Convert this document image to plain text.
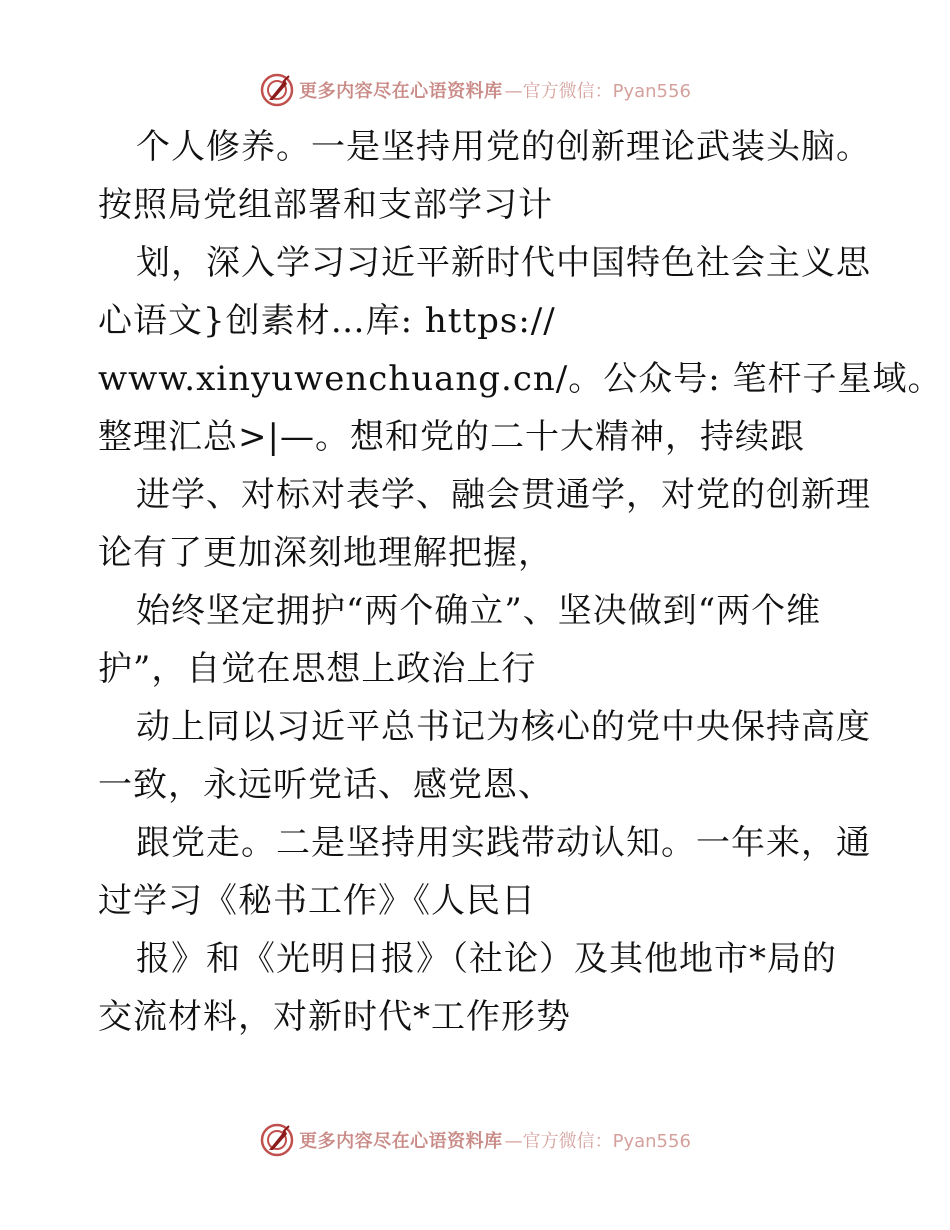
更多内容尽在心语资料库 —官方微信：Pyan556
个人修养。一是坚持用党的创新理论武装头脑。
按照局党组部署和支部学习计
划，深入学习习近平新时代中国特色社会主义思
心语文}创素材…库: https://
www.xinyuwenchuang.cn/。公众号: 笔杆子星域。
整理汇总>|—。想和党的二十大精神，持续跟
进学、对标对表学、融会贯通学，对党的创新理
论有了更加深刻地理解把握，
始终坚定拥护“两个确立”、坚决做到“两个维
护”，自觉在思想上政治上行
动上同以习近平总书记为核心的党中央保持高度
一致，永远听党话、感党恩、
跟党走。二是坚持用实践带动认知。一年来，通
过学习《秘书工作》《人民日
报》和《光明日报》（社论）及其他地市*局的
交流材料，对新时代*工作形势
更多内容尽在心语资料库 —官方微信：Pyan556
